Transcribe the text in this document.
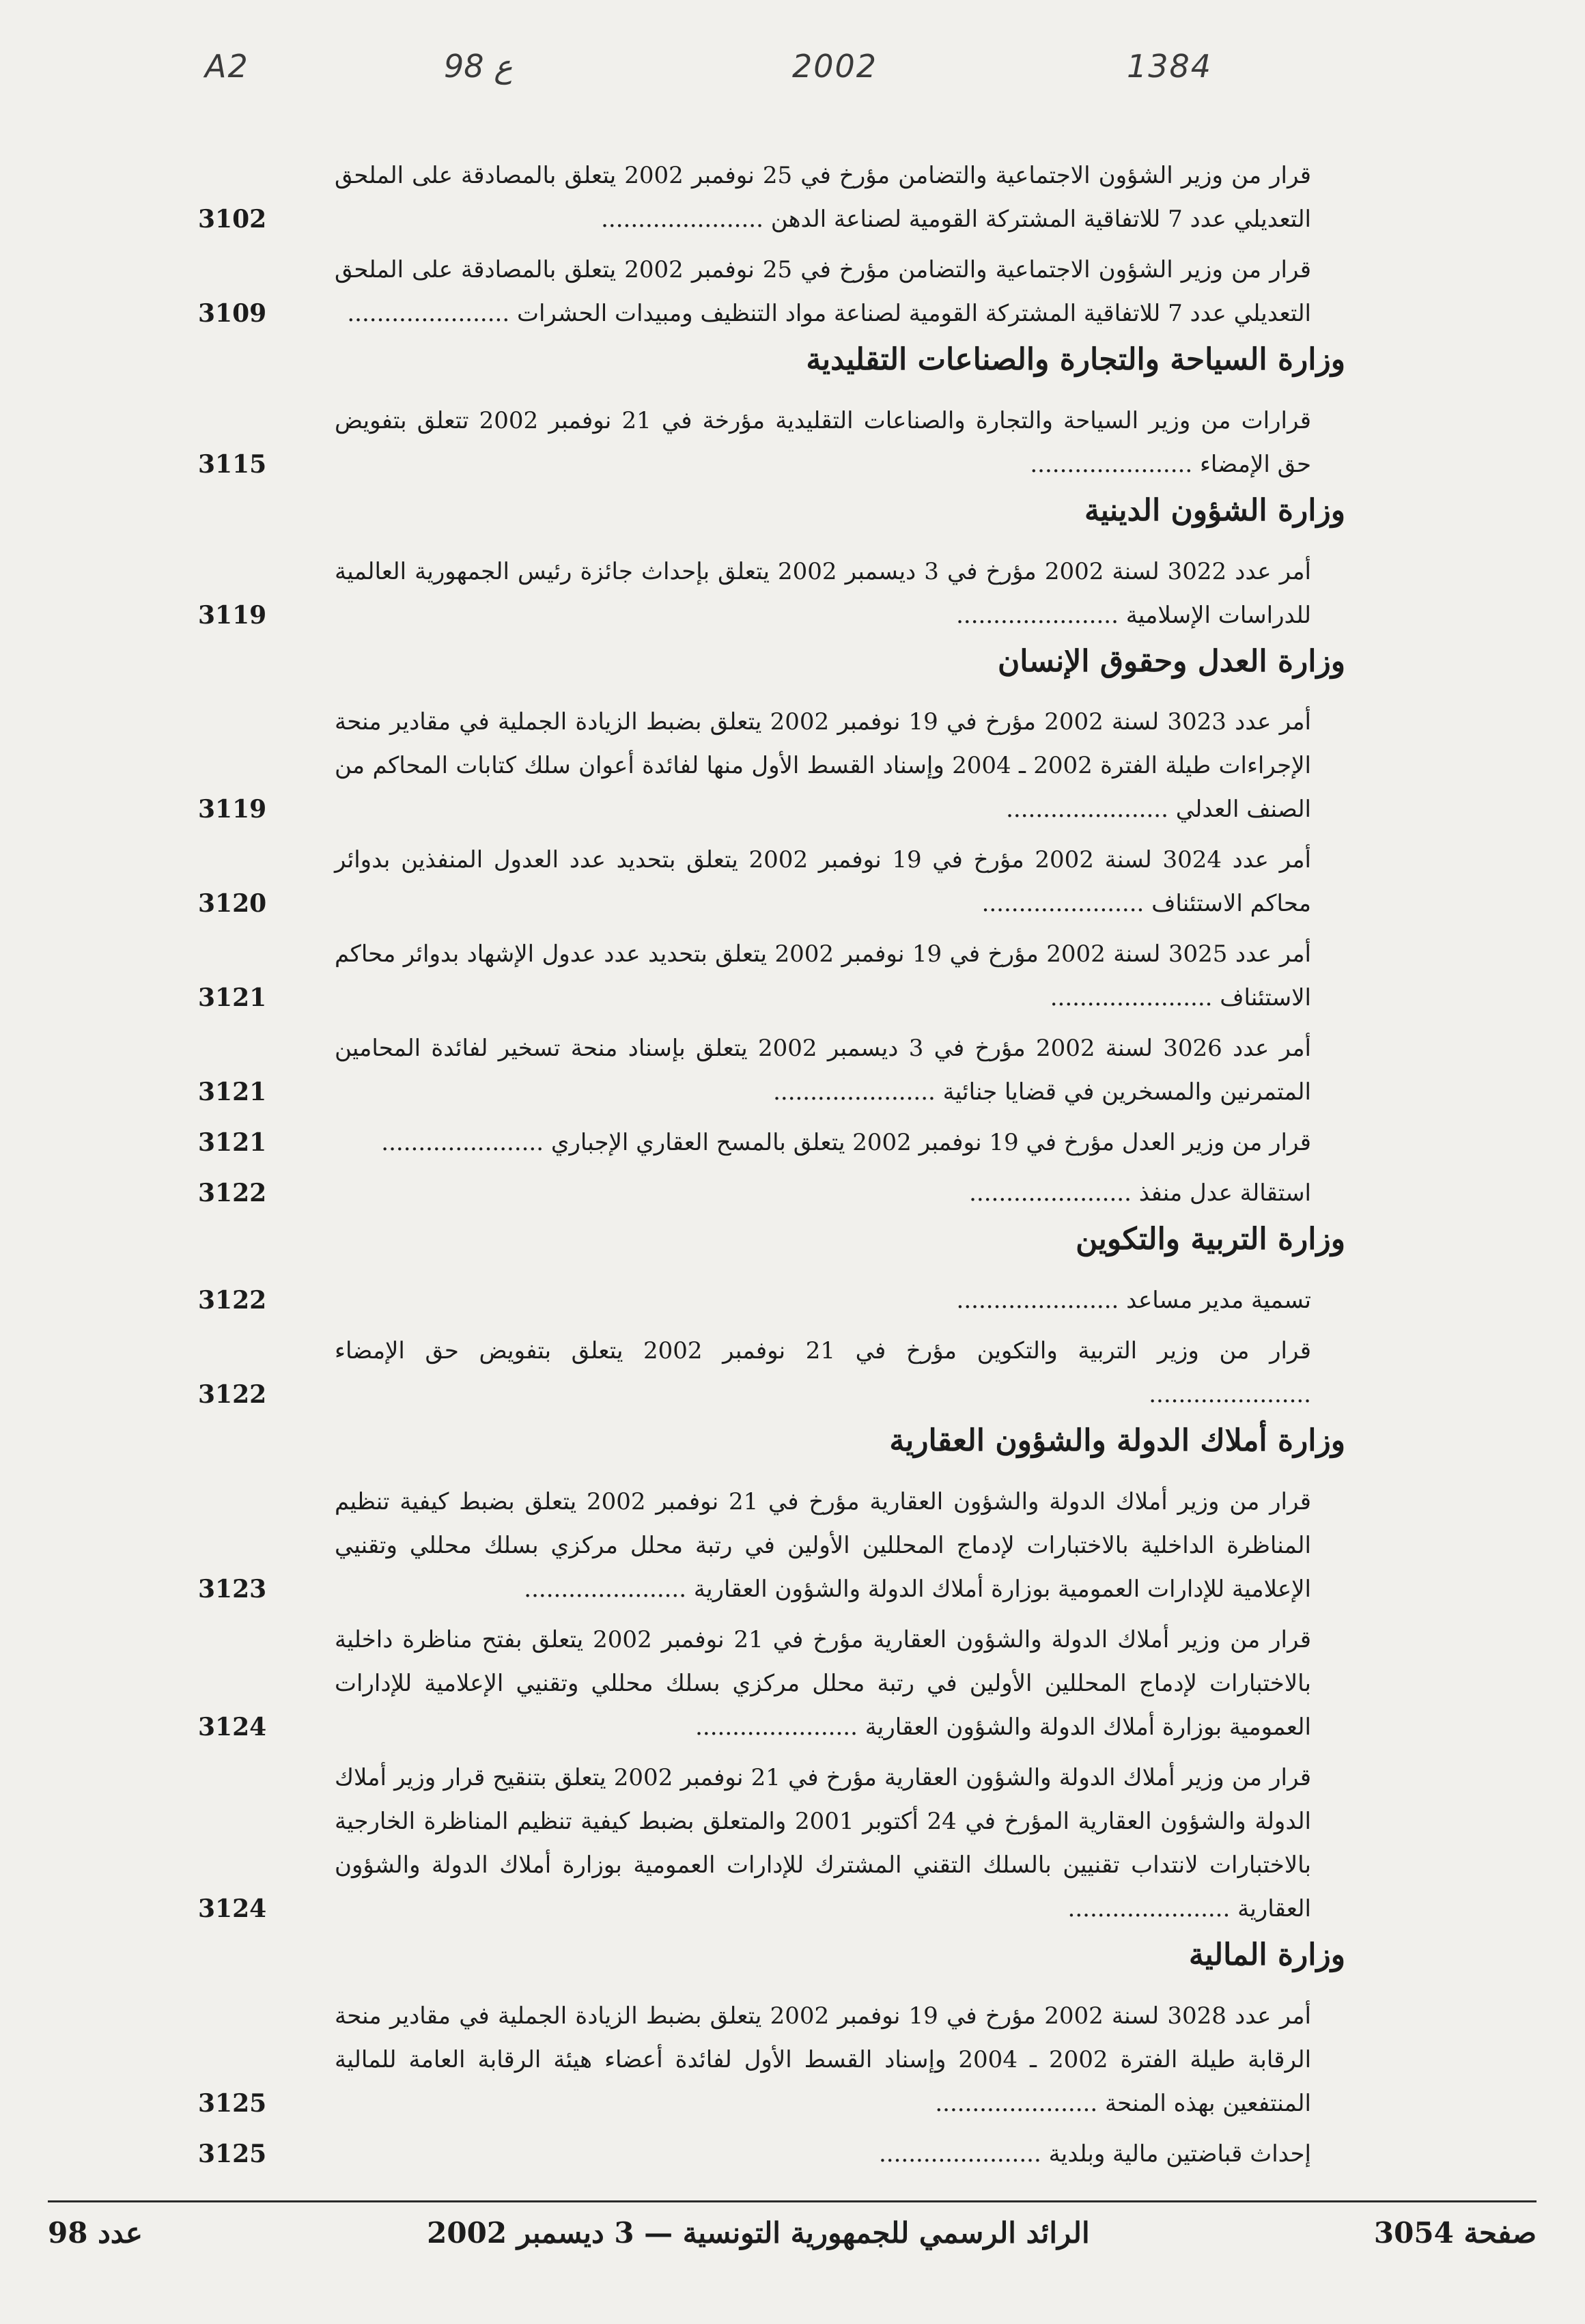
A2	98 ع	2002	1384
قرار من وزير الشؤون الاجتماعية والتضامن مؤرخ في 25 نوفمبر 2002 يتعلق بالمصادقة على الملحق التعديلي عدد 7 للاتفاقية المشتركة القومية لصناعة الدهن ......................
3102
قرار من وزير الشؤون الاجتماعية والتضامن مؤرخ في 25 نوفمبر 2002 يتعلق بالمصادقة على الملحق التعديلي عدد 7 للاتفاقية المشتركة القومية لصناعة مواد التنظيف ومبيدات الحشرات ......................
3109
وزارة السياحة والتجارة والصناعات التقليدية
قرارات من وزير السياحة والتجارة والصناعات التقليدية مؤرخة في 21 نوفمبر 2002 تتعلق بتفويض حق الإمضاء ......................
3115
وزارة الشؤون الدينية
أمر عدد 3022 لسنة 2002 مؤرخ في 3 ديسمبر 2002 يتعلق بإحداث جائزة رئيس الجمهورية العالمية للدراسات الإسلامية ......................
3119
وزارة العدل وحقوق الإنسان
أمر عدد 3023 لسنة 2002 مؤرخ في 19 نوفمبر 2002 يتعلق بضبط الزيادة الجملية في مقادير منحة الإجراءات طيلة الفترة 2002 ـ 2004 وإسناد القسط الأول منها لفائدة أعوان سلك كتابات المحاكم من الصنف العدلي ......................
3119
أمر عدد 3024 لسنة 2002 مؤرخ في 19 نوفمبر 2002 يتعلق بتحديد عدد العدول المنفذين بدوائر محاكم الاستئناف ......................
3120
أمر عدد 3025 لسنة 2002 مؤرخ في 19 نوفمبر 2002 يتعلق بتحديد عدد عدول الإشهاد بدوائر محاكم الاستئناف ......................
3121
أمر عدد 3026 لسنة 2002 مؤرخ في 3 ديسمبر 2002 يتعلق بإسناد منحة تسخير لفائدة المحامين المتمرنين والمسخرين في قضايا جنائية ......................
3121
قرار من وزير العدل مؤرخ في 19 نوفمبر 2002 يتعلق بالمسح العقاري الإجباري ......................
3121
استقالة عدل منفذ ......................
3122
وزارة التربية والتكوين
تسمية مدير مساعد ......................
3122
قرار من وزير التربية والتكوين مؤرخ في 21 نوفمبر 2002 يتعلق بتفويض حق الإمضاء ......................
3122
وزارة أملاك الدولة والشؤون العقارية
قرار من وزير أملاك الدولة والشؤون العقارية مؤرخ في 21 نوفمبر 2002 يتعلق بضبط كيفية تنظيم المناظرة الداخلية بالاختبارات لإدماج المحللين الأولين في رتبة محلل مركزي بسلك محللي وتقنيي الإعلامية للإدارات العمومية بوزارة أملاك الدولة والشؤون العقارية ......................
3123
قرار من وزير أملاك الدولة والشؤون العقارية مؤرخ في 21 نوفمبر 2002 يتعلق بفتح مناظرة داخلية بالاختبارات لإدماج المحللين الأولين في رتبة محلل مركزي بسلك محللي وتقنيي الإعلامية للإدارات العمومية بوزارة أملاك الدولة والشؤون العقارية ......................
3124
قرار من وزير أملاك الدولة والشؤون العقارية مؤرخ في 21 نوفمبر 2002 يتعلق بتنقيح قرار وزير أملاك الدولة والشؤون العقارية المؤرخ في 24 أكتوبر 2001 والمتعلق بضبط كيفية تنظيم المناظرة الخارجية بالاختبارات لانتداب تقنيين بالسلك التقني المشترك للإدارات العمومية بوزارة أملاك الدولة والشؤون العقارية ......................
3124
وزارة المالية
أمر عدد 3028 لسنة 2002 مؤرخ في 19 نوفمبر 2002 يتعلق بضبط الزيادة الجملية في مقادير منحة الرقابة طيلة الفترة 2002 ـ 2004 وإسناد القسط الأول لفائدة أعضاء هيئة الرقابة العامة للمالية المنتفعين بهذه المنحة ......................
3125
إحداث قباضتين مالية وبلدية ......................
3125
صفحة 3054
الرائد الرسمي للجمهورية التونسية — 3 ديسمبر 2002
عدد 98
